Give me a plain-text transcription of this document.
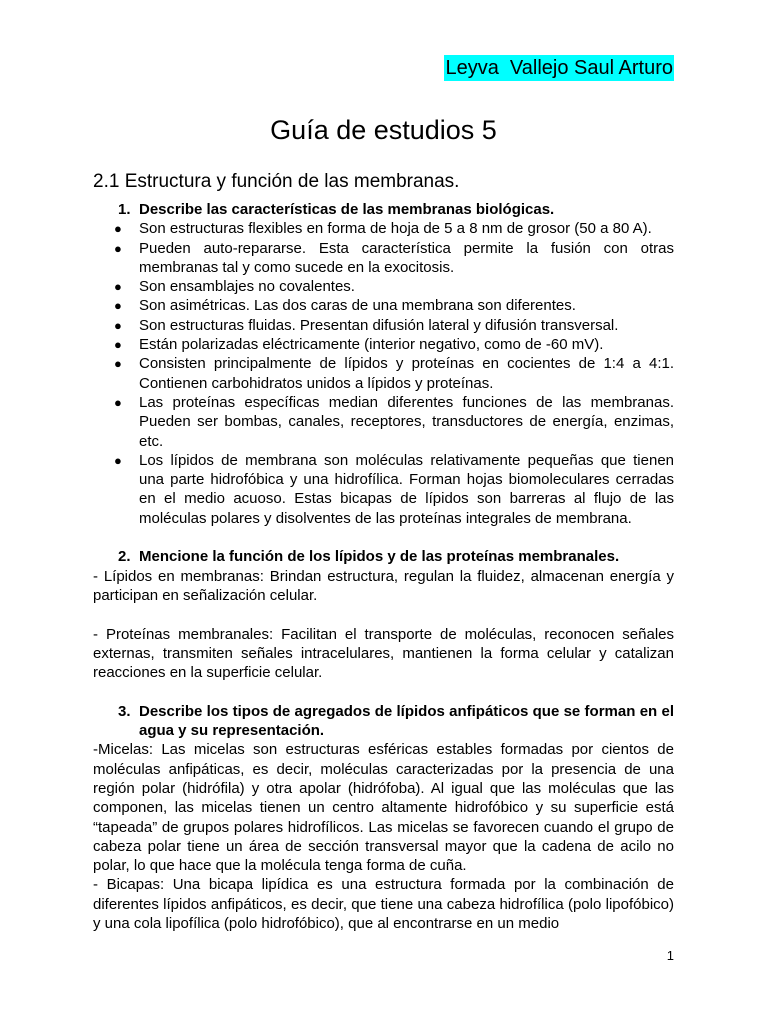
Leyva  Vallejo Saul Arturo
Guía de estudios 5
2.1 Estructura y función de las membranas.
1. Describe las características de las membranas biológicas.
● Son estructuras flexibles en forma de hoja de 5 a 8 nm de grosor (50 a 80 A).
● Pueden auto-repararse. Esta característica permite la fusión con otras membranas tal y como sucede en la exocitosis.
● Son ensamblajes no covalentes.
● Son asimétricas. Las dos caras de una membrana son diferentes.
● Son estructuras fluidas. Presentan difusión lateral y difusión transversal.
● Están polarizadas eléctricamente (interior negativo, como de -60 mV).
● Consisten principalmente de lípidos y proteínas en cocientes de 1:4 a 4:1. Contienen carbohidratos unidos a lípidos y proteínas.
● Las proteínas específicas median diferentes funciones de las membranas. Pueden ser bombas, canales, receptores, transductores de energía, enzimas, etc.
● Los lípidos de membrana son moléculas relativamente pequeñas que tienen una parte hidrofóbica y una hidrofílica. Forman hojas biomoleculares cerradas en el medio acuoso. Estas bicapas de lípidos son barreras al flujo de las moléculas polares y disolventes de las proteínas integrales de membrana.
2. Mencione la función de los lípidos y de las proteínas membranales.
- Lípidos en membranas: Brindan estructura, regulan la fluidez, almacenan energía y participan en señalización celular.
- Proteínas membranales: Facilitan el transporte de moléculas, reconocen señales externas, transmiten señales intracelulares, mantienen la forma celular y catalizan reacciones en la superficie celular.
3. Describe los tipos de agregados de lípidos anfipáticos que se forman en el agua y su representación.
-Micelas: Las micelas son estructuras esféricas estables formadas por cientos de moléculas anfipáticas, es decir, moléculas caracterizadas por la presencia de una región polar (hidrófila) y otra apolar (hidrófoba). Al igual que las moléculas que las componen, las micelas tienen un centro altamente hidrofóbico y su superficie está “tapeada” de grupos polares hidrofílicos. Las micelas se favorecen cuando el grupo de cabeza polar tiene un área de sección transversal mayor que la cadena de acilo no polar, lo que hace que la molécula tenga forma de cuña.
- Bicapas: Una bicapa lipídica es una estructura formada por la combinación de diferentes lípidos anfipáticos, es decir, que tiene una cabeza hidrofílica (polo lipofóbico) y una cola lipofílica (polo hidrofóbico), que al encontrarse en un medio
1
